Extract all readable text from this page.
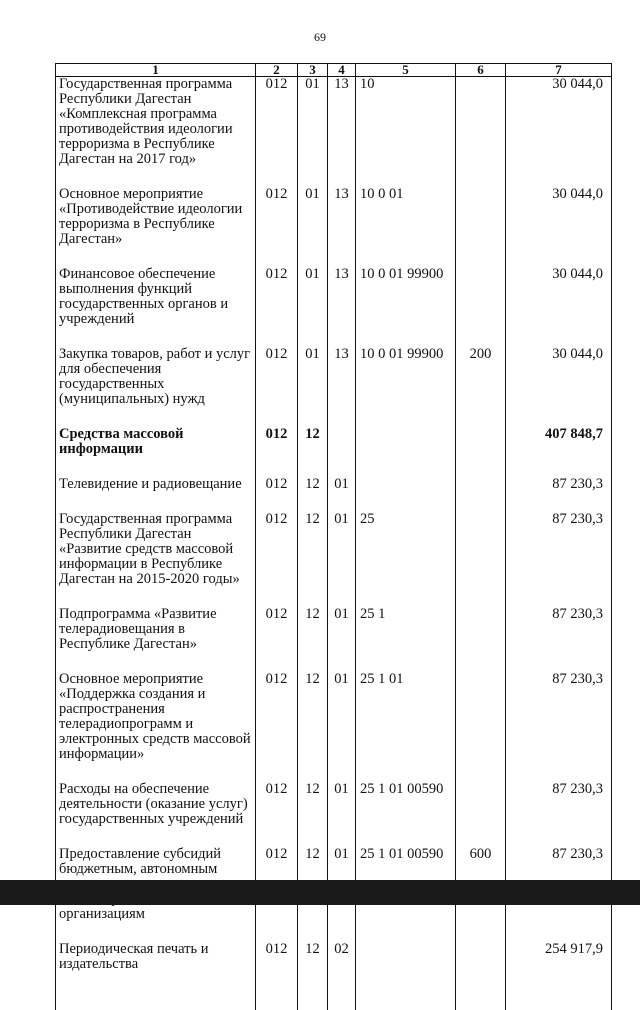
69
1	2	3	4	5	6	7
Государственная программа Республики Дагестан «Комплексная программа противодействия идеологии терроризма в Республике Дагестан на 2017 год»	012	01	13	10		30 044,0
Основное мероприятие «Противодействие идеологии терроризма в Республике Дагестан»	012	01	13	10 0 01		30 044,0
Финансовое обеспечение выполнения функций государственных органов и учреждений	012	01	13	10 0 01 99900		30 044,0
Закупка товаров, работ и услуг для обеспечения государственных (муниципальных) нужд	012	01	13	10 0 01 99900	200	30 044,0
Средства массовой информации	012	12				407 848,7
Телевидение и радиовещание	012	12	01			87 230,3
Государственная программа Республики Дагестан «Развитие средств массовой информации в Республике Дагестан на 2015-2020 годы»	012	12	01	25		87 230,3
Подпрограмма «Развитие телерадиовещания в Республике Дагестан»	012	12	01	25 1		87 230,3
Основное мероприятие «Поддержка создания и распространения телерадиопрограмм и электронных средств массовой информации»	012	12	01	25 1 01		87 230,3
Расходы на обеспечение деятельности (оказание услуг) государственных учреждений	012	12	01	25 1 01 00590		87 230,3
Предоставление субсидий бюджетным, автономным организациям	012	12	01	25 1 01 00590	600	87 230,3
Периодическая печать и издательства	012	12	02			254 917,9
